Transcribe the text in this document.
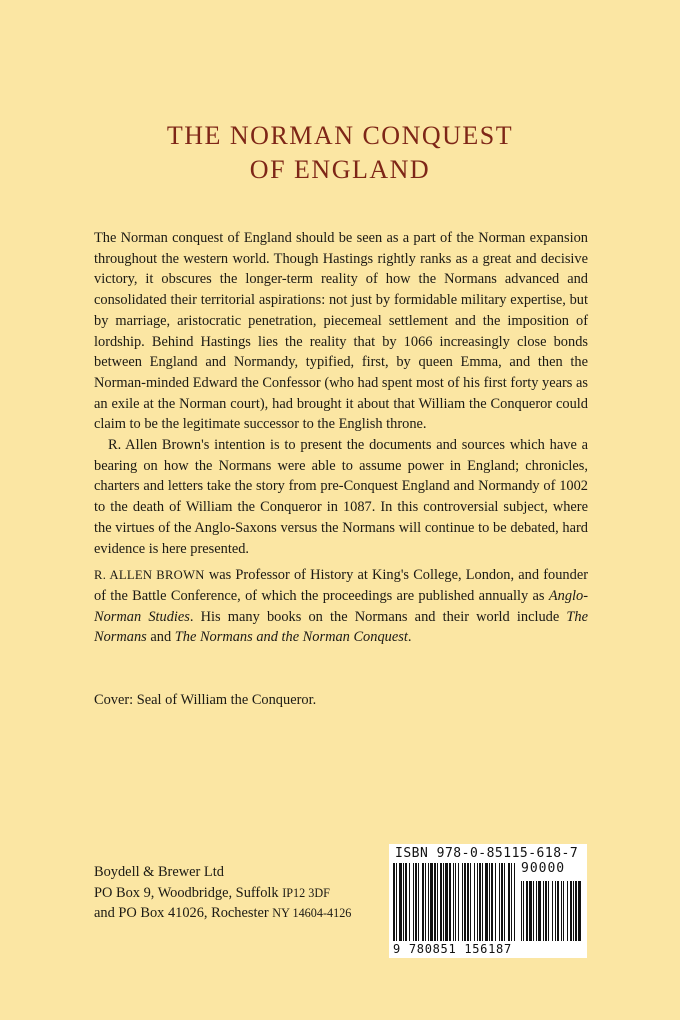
THE NORMAN CONQUEST
OF ENGLAND

The Norman conquest of England should be seen as a part of the Norman expansion throughout the western world. Though Hastings rightly ranks as a great and decisive victory, it obscures the longer-term reality of how the Normans advanced and consolidated their territorial aspirations: not just by formidable military expertise, but by marriage, aristocratic penetration, piecemeal settlement and the imposition of lordship. Behind Hastings lies the reality that by 1066 increasingly close bonds between England and Normandy, typified, first, by queen Emma, and then the Norman-minded Edward the Confessor (who had spent most of his first forty years as an exile at the Norman court), had brought it about that William the Conqueror could claim to be the legitimate successor to the English throne.

R. Allen Brown's intention is to present the documents and sources which have a bearing on how the Normans were able to assume power in England; chronicles, charters and letters take the story from pre-Conquest England and Normandy of 1002 to the death of William the Conqueror in 1087. In this controversial subject, where the virtues of the Anglo-Saxons versus the Normans will continue to be debated, hard evidence is here presented.

R. ALLEN BROWN was Professor of History at King's College, London, and founder of the Battle Conference, of which the proceedings are published annually as Anglo-Norman Studies. His many books on the Normans and their world include The Normans and The Normans and the Norman Conquest.

Cover: Seal of William the Conqueror.
Boydell & Brewer Ltd
PO Box 9, Woodbridge, Suffolk IP12 3DF
and PO Box 41026, Rochester NY 14604-4126
ISBN 978-0-85115-618-7
90000
9 780851 156187
